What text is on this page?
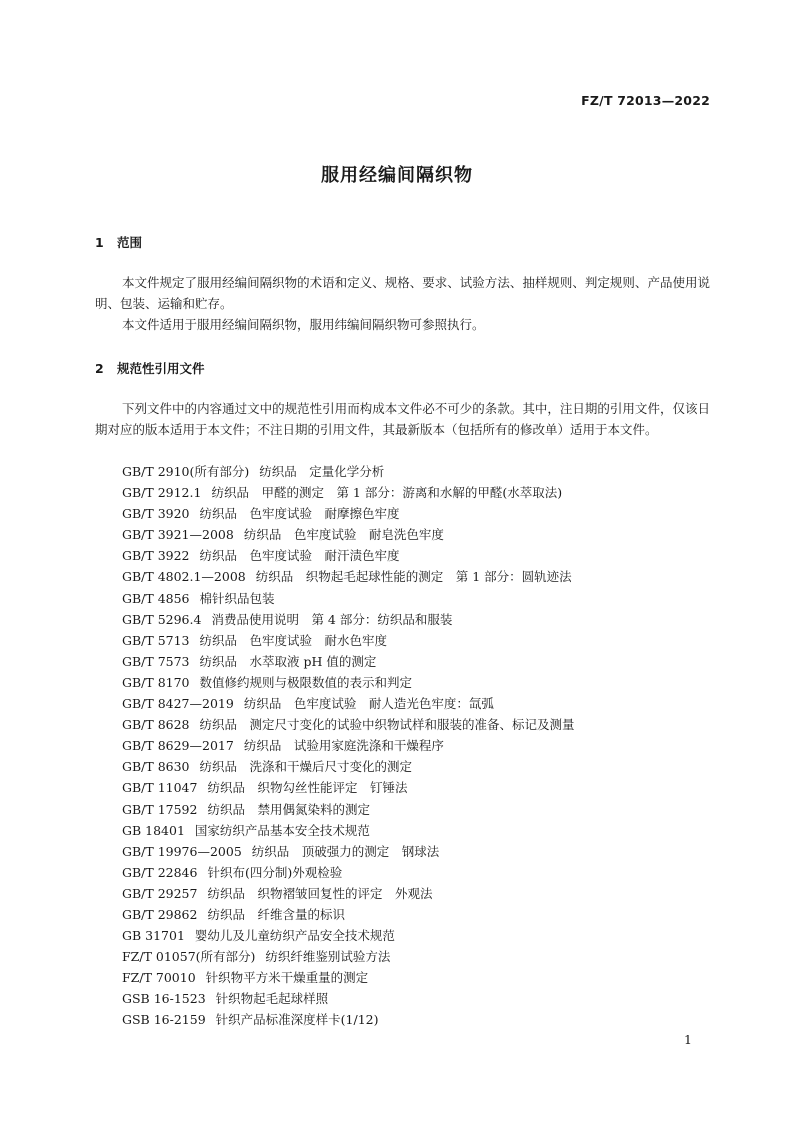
FZ/T 72013—2022
服用经编间隔织物
1 范围

本文件规定了服用经编间隔织物的术语和定义、规格、要求、试验方法、抽样规则、判定规则、产品使用说明、包装、运输和贮存。

本文件适用于服用经编间隔织物，服用纬编间隔织物可参照执行。

2 规范性引用文件

下列文件中的内容通过文中的规范性引用而构成本文件必不可少的条款。其中，注日期的引用文件，仅该日期对应的版本适用于本文件；不注日期的引用文件，其最新版本（包括所有的修改单）适用于本文件。

GB/T 2910(所有部分) 纺织品　定量化学分析
GB/T 2912.1 纺织品　甲醛的测定　第 1 部分：游离和水解的甲醛(水萃取法)
GB/T 3920 纺织品　色牢度试验　耐摩擦色牢度
GB/T 3921—2008 纺织品　色牢度试验　耐皂洗色牢度
GB/T 3922 纺织品　色牢度试验　耐汗渍色牢度
GB/T 4802.1—2008 纺织品　织物起毛起球性能的测定　第 1 部分：圆轨迹法
GB/T 4856 棉针织品包装
GB/T 5296.4 消费品使用说明　第 4 部分：纺织品和服装
GB/T 5713 纺织品　色牢度试验　耐水色牢度
GB/T 7573 纺织品　水萃取液 pH 值的测定
GB/T 8170 数值修约规则与极限数值的表示和判定
GB/T 8427—2019 纺织品　色牢度试验　耐人造光色牢度：氙弧
GB/T 8628 纺织品　测定尺寸变化的试验中织物试样和服装的准备、标记及测量
GB/T 8629—2017 纺织品　试验用家庭洗涤和干燥程序
GB/T 8630 纺织品　洗涤和干燥后尺寸变化的测定
GB/T 11047 纺织品　织物勾丝性能评定　钉锤法
GB/T 17592 纺织品　禁用偶氮染料的测定
GB 18401 国家纺织产品基本安全技术规范
GB/T 19976—2005 纺织品　顶破强力的测定　钢球法
GB/T 22846 针织布(四分制)外观检验
GB/T 29257 纺织品　织物褶皱回复性的评定　外观法
GB/T 29862 纺织品　纤维含量的标识
GB 31701 婴幼儿及儿童纺织产品安全技术规范
FZ/T 01057(所有部分) 纺织纤维鉴别试验方法
FZ/T 70010 针织物平方米干燥重量的测定
GSB 16-1523 针织物起毛起球样照
GSB 16-2159 针织产品标准深度样卡(1/12)
1
